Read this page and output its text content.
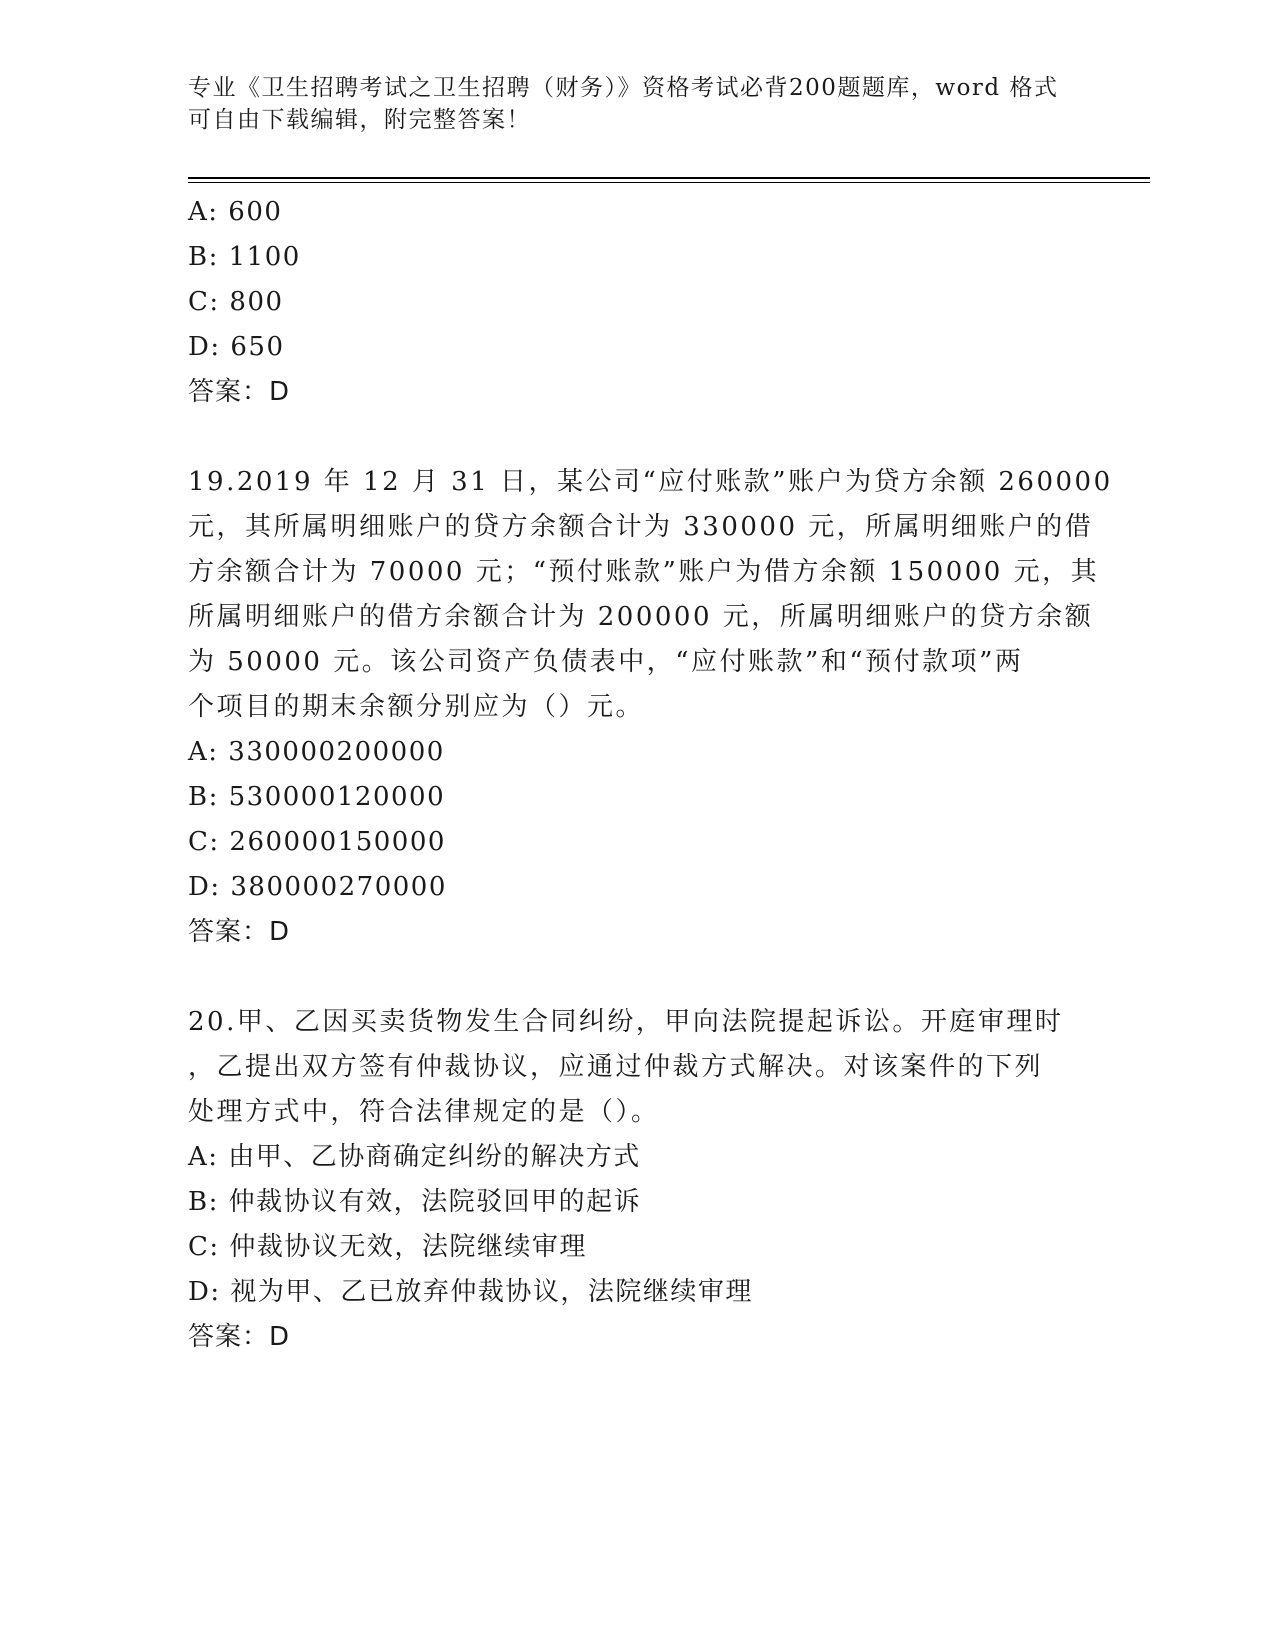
专业《卫生招聘考试之卫生招聘（财务）》资格考试必背200题题库，word 格式
可自由下载编辑，附完整答案！
A: 600
B: 1100
C: 800
D: 650
答案：D
19.2019 年 12 月 31 日，某公司“应付账款”账户为贷方余额 260000
元，其所属明细账户的贷方余额合计为 330000 元，所属明细账户的借
方余额合计为 70000 元；“预付账款”账户为借方余额 150000 元，其
所属明细账户的借方余额合计为 200000 元，所属明细账户的贷方余额
为 50000 元。该公司资产负债表中，“应付账款”和“预付款项”两
个项目的期末余额分别应为（）元。
A: 330000200000
B: 530000120000
C: 260000150000
D: 380000270000
答案：D
20.甲、乙因买卖货物发生合同纠纷，甲向法院提起诉讼。开庭审理时
，乙提出双方签有仲裁协议，应通过仲裁方式解决。对该案件的下列
处理方式中，符合法律规定的是（）。
A: 由甲、乙协商确定纠纷的解决方式
B: 仲裁协议有效，法院驳回甲的起诉
C: 仲裁协议无效，法院继续审理
D: 视为甲、乙已放弃仲裁协议，法院继续审理
答案：D
